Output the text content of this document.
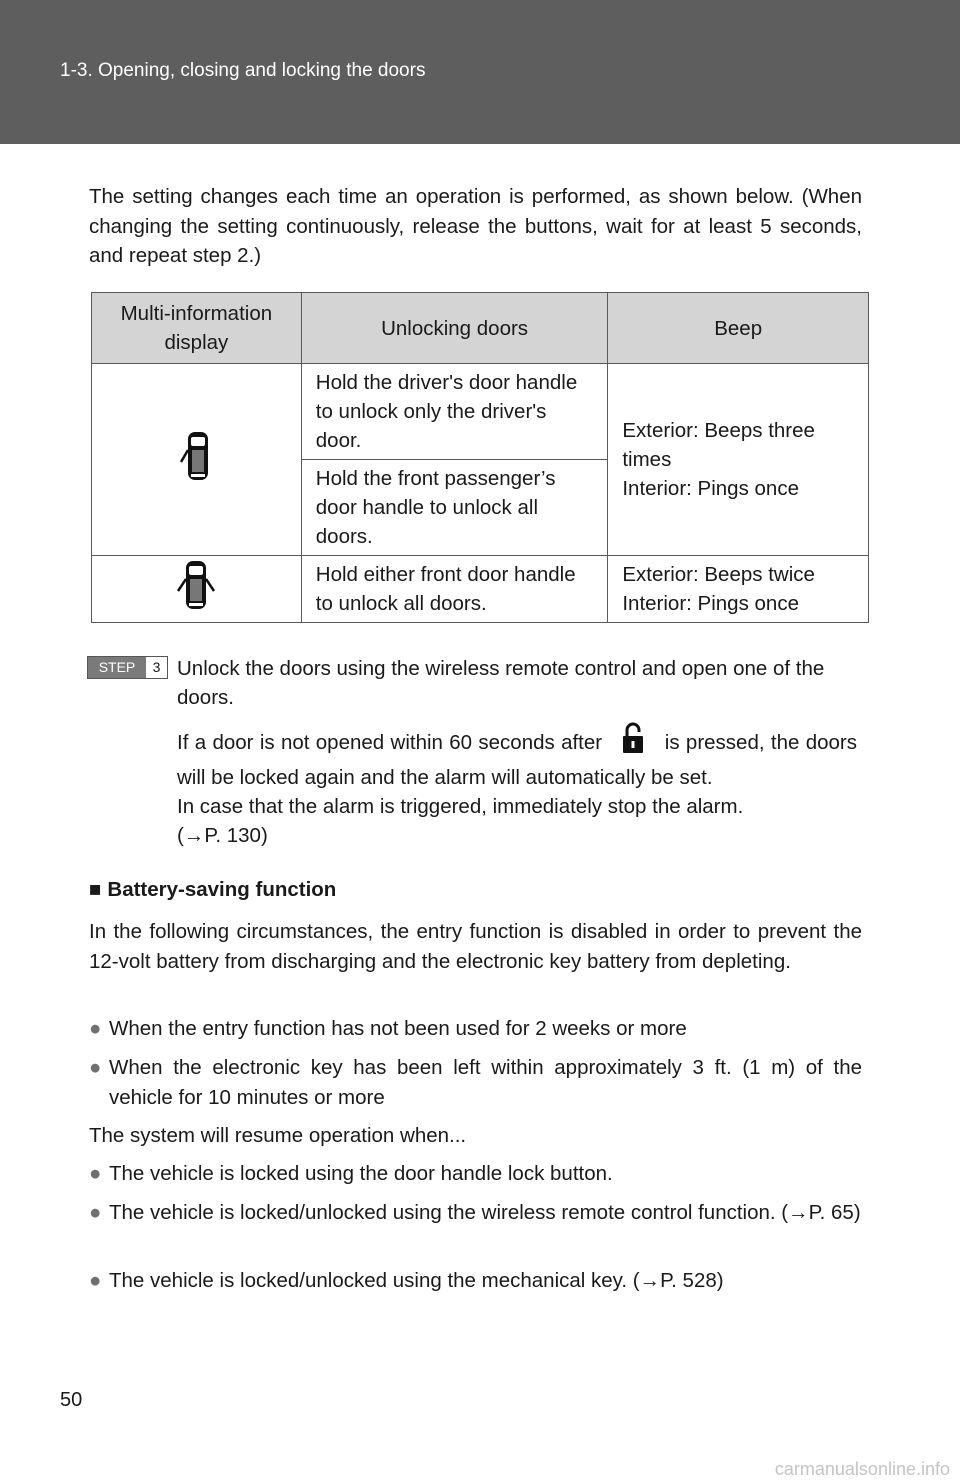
1-3. Opening, closing and locking the doors
The setting changes each time an operation is performed, as shown below. (When changing the setting continuously, release the buttons, wait for at least 5 seconds, and repeat step 2.)
Multi-information display	Unlocking doors	Beep
	Hold the driver's door handle to unlock only the driver's door.	Exterior: Beeps three times
Interior: Pings once

	Hold the front passenger’s door handle to unlock all doors.	
	Hold either front door handle to unlock all doors.	Exterior: Beeps twice
Interior: Pings once
STEP	3 Unlock the doors using the wireless remote control and open one of the doors.
If a door is not opened within 60 seconds after	is pressed, the doors will be locked again and the alarm will automatically be set.
In case that the alarm is triggered, immediately stop the alarm.
(→P. 130)
■ Battery-saving function
In the following circumstances, the entry function is disabled in order to prevent the 12-volt battery from discharging and the electronic key battery from depleting.
● When the entry function has not been used for 2 weeks or more
● When the electronic key has been left within approximately 3 ft. (1 m) of the vehicle for 10 minutes or more
The system will resume operation when...
● The vehicle is locked using the door handle lock button.
● The vehicle is locked/unlocked using the wireless remote control function. (→P. 65)
● The vehicle is locked/unlocked using the mechanical key. (→P. 528)
50
carmanualsonline.info
